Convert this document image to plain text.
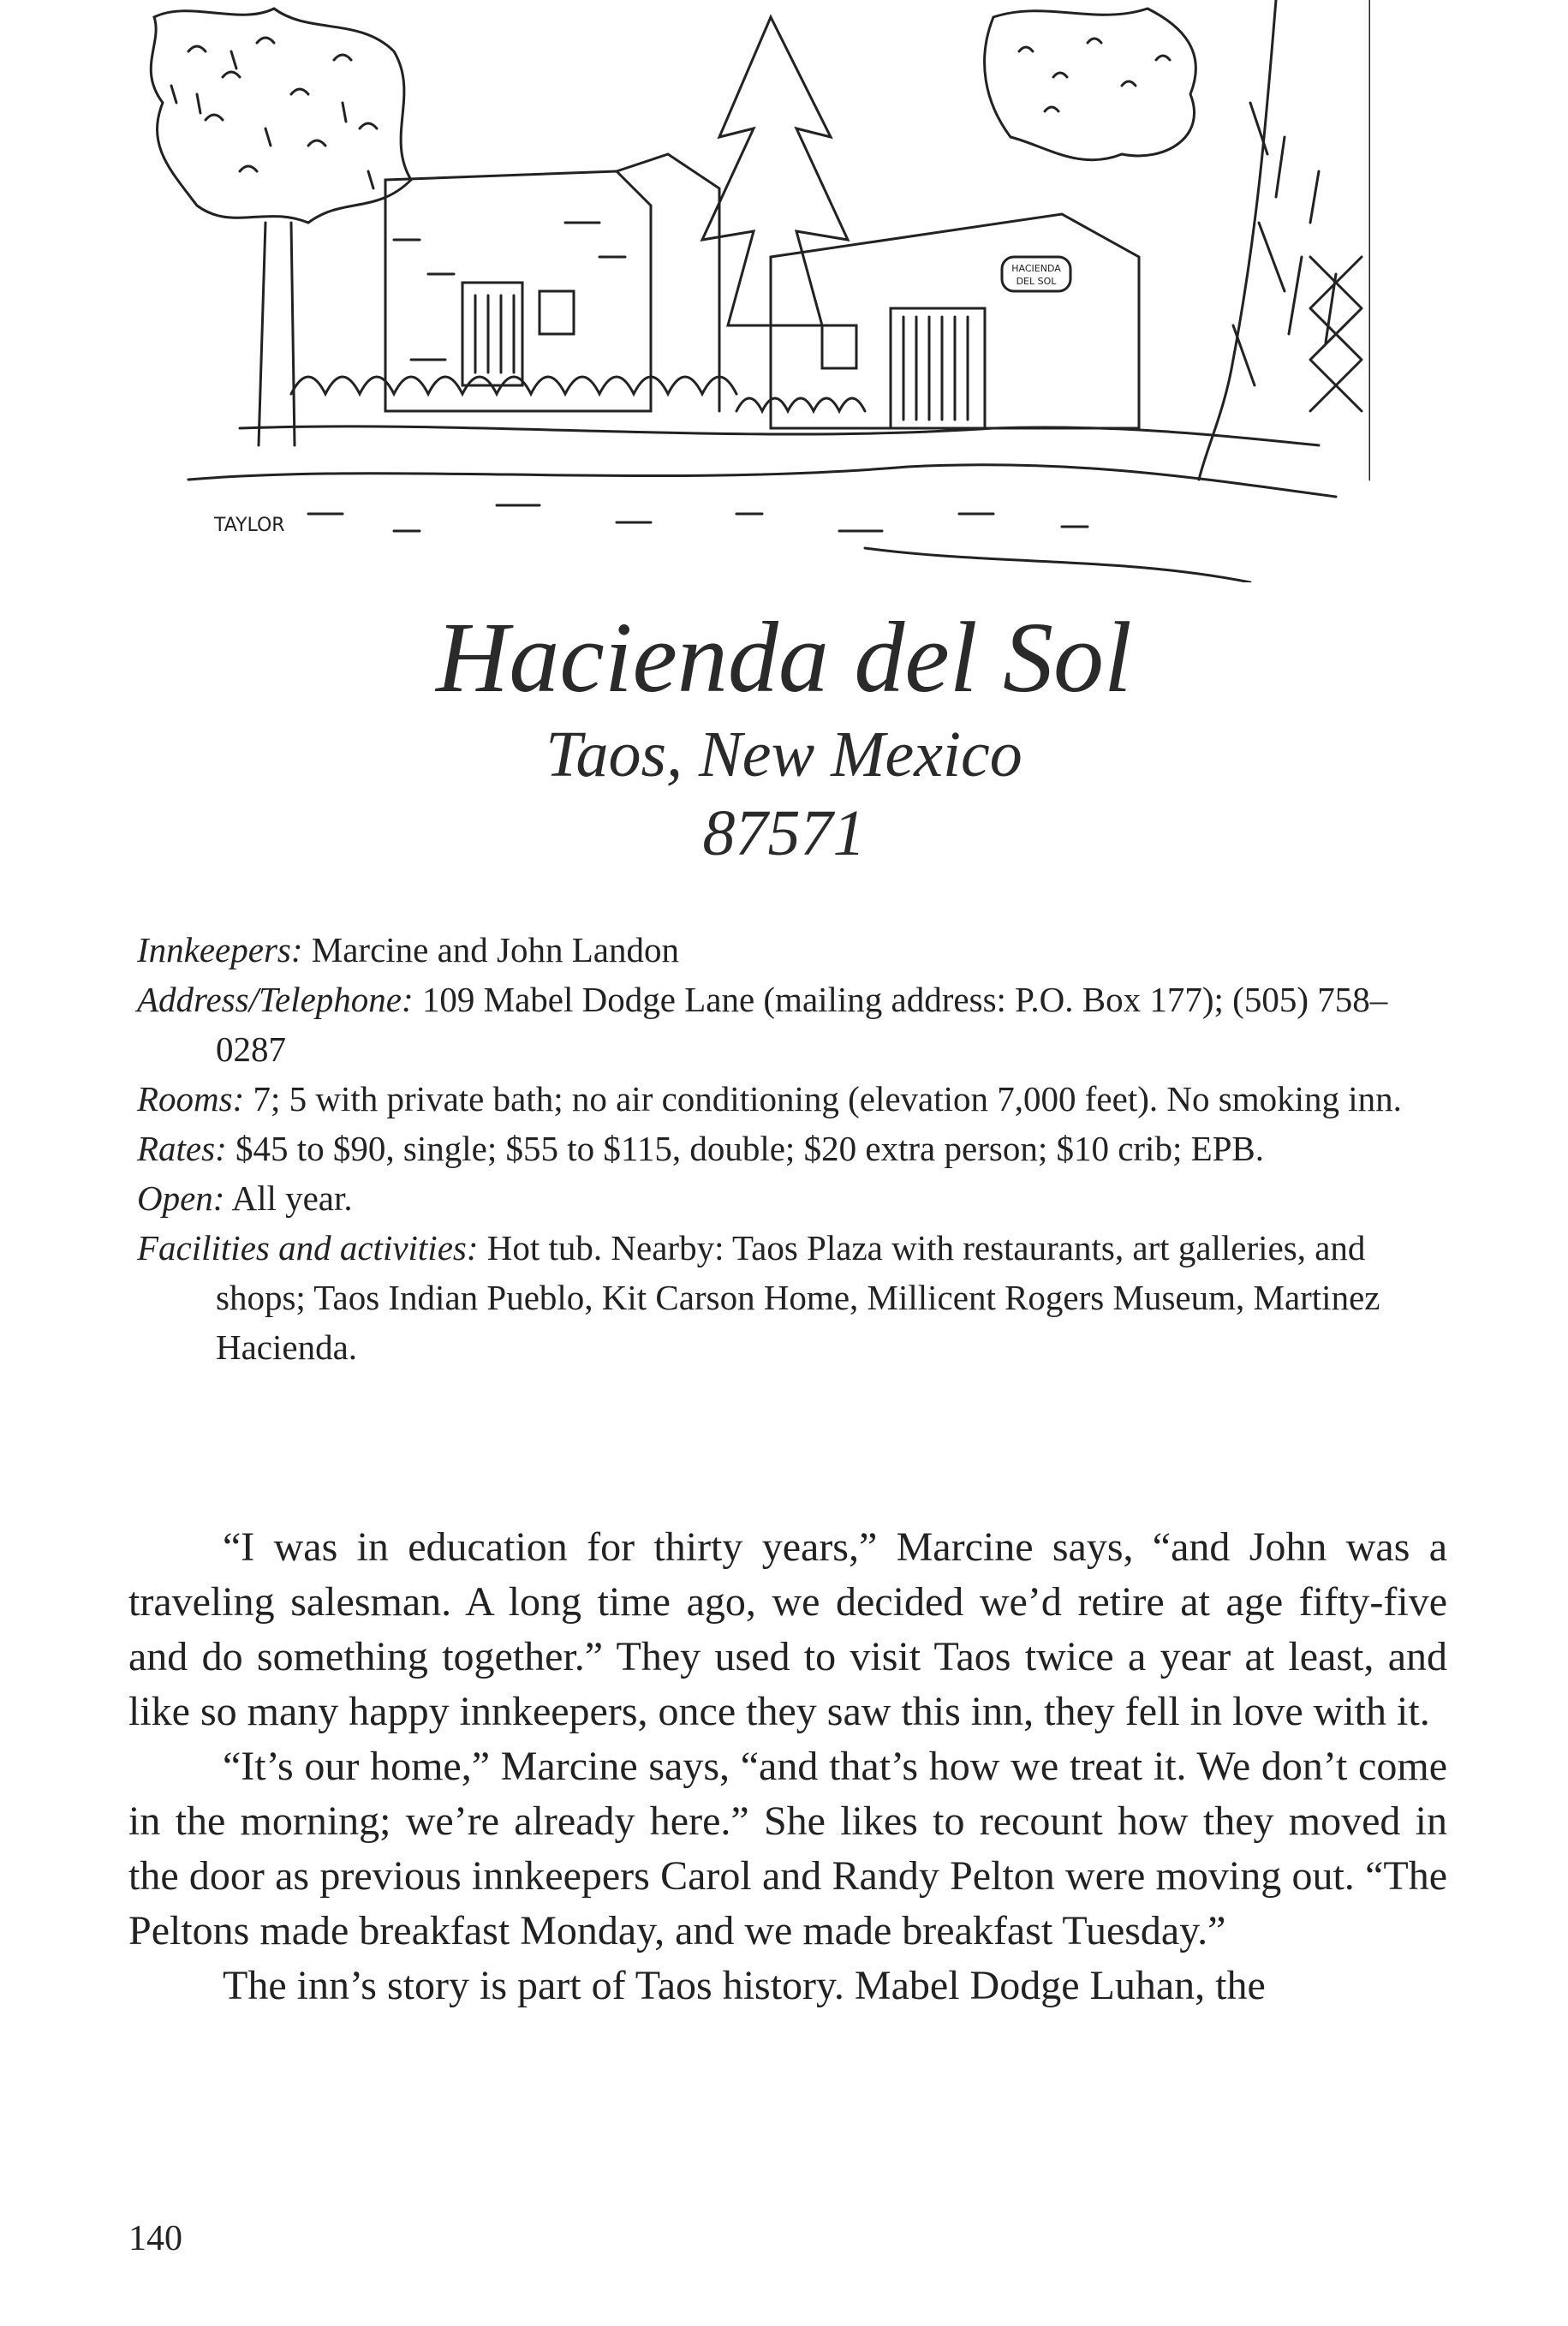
HACIENDA
DEL SOL
TAYLOR
Hacienda del Sol
Taos, New Mexico
87571

Innkeepers: Marcine and John Landon

Address/Telephone: 109 Mabel Dodge Lane (mailing address: P.O. Box 177); (505) 758–0287

Rooms: 7; 5 with private bath; no air conditioning (elevation 7,000 feet). No smoking inn.

Rates: $45 to $90, single; $55 to $115, double; $20 extra person; $10 crib; EPB.

Open: All year.

Facilities and activities: Hot tub. Nearby: Taos Plaza with restaurants, art galleries, and shops; Taos Indian Pueblo, Kit Carson Home, Millicent Rogers Museum, Martinez Hacienda.

“I was in education for thirty years,” Marcine says, “and John was a traveling salesman. A long time ago, we decided we’d retire at age fifty-five and do something together.” They used to visit Taos twice a year at least, and like so many happy innkeepers, once they saw this inn, they fell in love with it.

“It’s our home,” Marcine says, “and that’s how we treat it. We don’t come in the morning; we’re already here.” She likes to recount how they moved in the door as previous innkeepers Carol and Randy Pelton were moving out. “The Peltons made breakfast Monday, and we made breakfast Tuesday.”

The inn’s story is part of Taos history. Mabel Dodge Luhan, the

140
